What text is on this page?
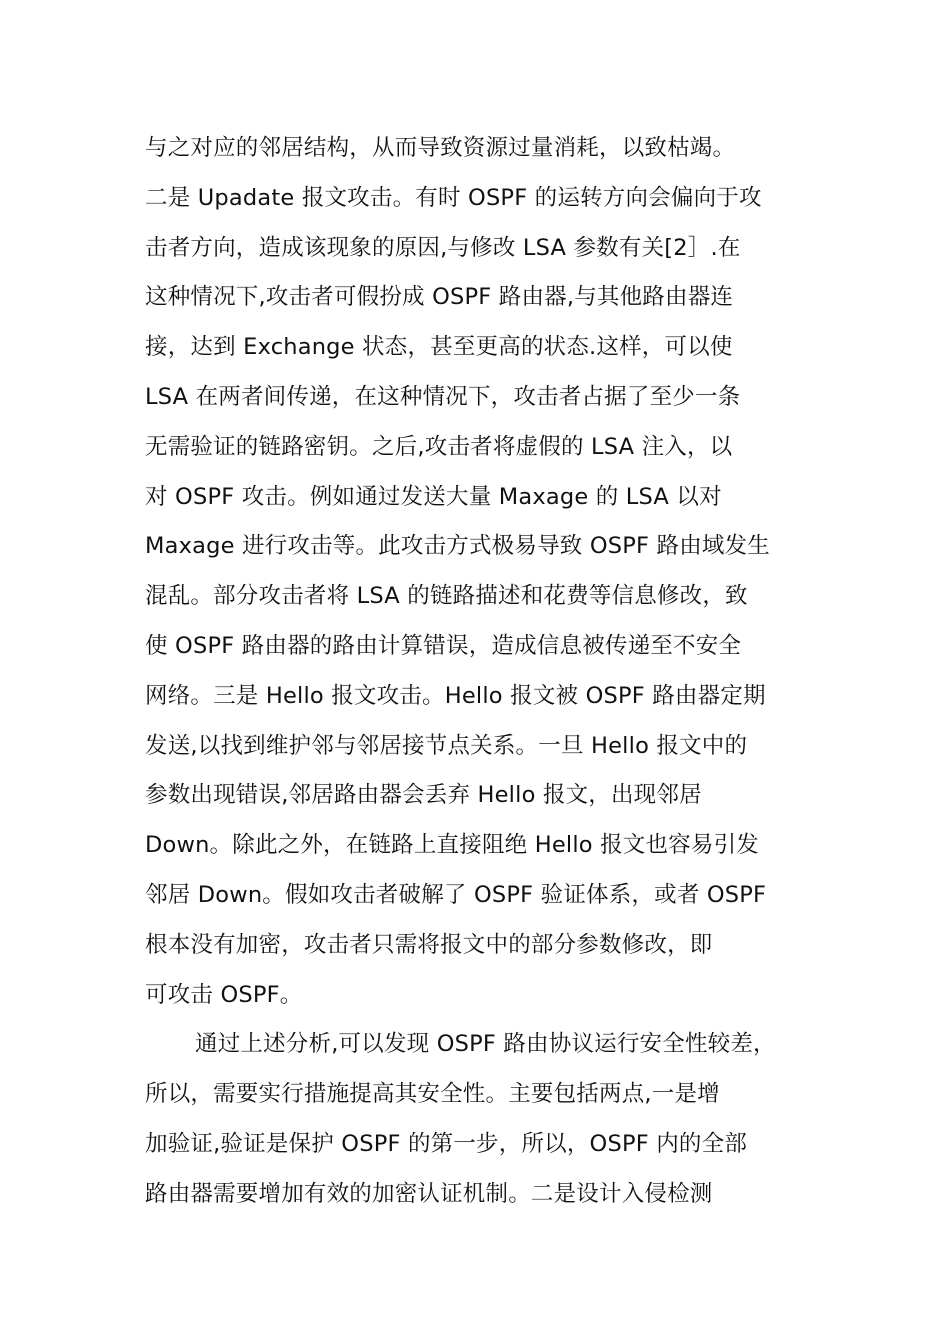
与之对应的邻居结构，从而导致资源过量消耗，以致枯竭。
二是 Upadate 报文攻击。有时 OSPF 的运转方向会偏向于攻
击者方向，造成该现象的原因,与修改 LSA 参数有关[2］.在
这种情况下,攻击者可假扮成 OSPF 路由器,与其他路由器连
接，达到 Exchange 状态，甚至更高的状态.这样，可以使
LSA 在两者间传递，在这种情况下，攻击者占据了至少一条
无需验证的链路密钥。之后,攻击者将虚假的 LSA 注入，以
对 OSPF 攻击。例如通过发送大量 Maxage 的 LSA 以对
Maxage 进行攻击等。此攻击方式极易导致 OSPF 路由域发生
混乱。部分攻击者将 LSA 的链路描述和花费等信息修改，致
使 OSPF 路由器的路由计算错误，造成信息被传递至不安全
网络。三是 Hello 报文攻击。Hello 报文被 OSPF 路由器定期
发送,以找到维护邻与邻居接节点关系。一旦 Hello 报文中的
参数出现错误,邻居路由器会丢弃 Hello 报文，出现邻居
Down。除此之外，在链路上直接阻绝 Hello 报文也容易引发
邻居 Down。假如攻击者破解了 OSPF 验证体系，或者 OSPF
根本没有加密，攻击者只需将报文中的部分参数修改，即
可攻击 OSPF。
通过上述分析,可以发现 OSPF 路由协议运行安全性较差，
所以，需要实行措施提高其安全性。主要包括两点,一是增
加验证,验证是保护 OSPF 的第一步，所以，OSPF 内的全部
路由器需要增加有效的加密认证机制。二是设计入侵检测
